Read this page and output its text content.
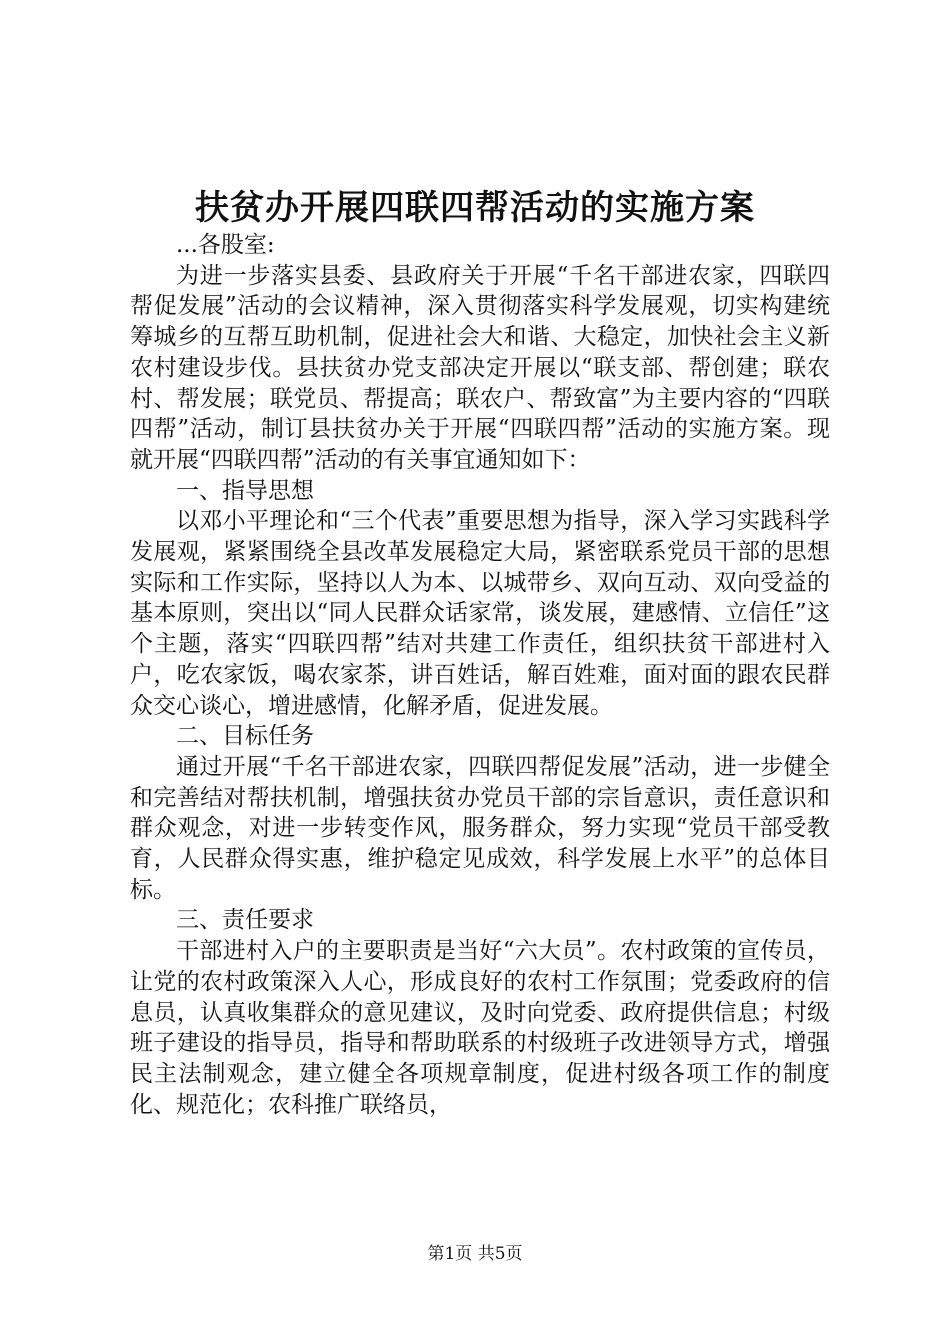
扶贫办开展四联四帮活动的实施方案

...各股室:

为进一步落实县委、县政府关于开展“千名干部进农家，四联四帮促发展”活动的会议精神，深入贯彻落实科学发展观，切实构建统筹城乡的互帮互助机制，促进社会大和谐、大稳定，加快社会主义新农村建设步伐。县扶贫办党支部决定开展以“联支部、帮创建；联农村、帮发展；联党员、帮提高；联农户、帮致富”为主要内容的“四联四帮”活动，制订县扶贫办关于开展“四联四帮”活动的实施方案。现就开展“四联四帮”活动的有关事宜通知如下：

一、指导思想

以邓小平理论和“三个代表”重要思想为指导，深入学习实践科学发展观，紧紧围绕全县改革发展稳定大局，紧密联系党员干部的思想实际和工作实际，坚持以人为本、以城带乡、双向互动、双向受益的基本原则，突出以“同人民群众话家常，谈发展，建感情、立信任”这个主题，落实“四联四帮”结对共建工作责任，组织扶贫干部进村入户，吃农家饭，喝农家茶，讲百姓话，解百姓难，面对面的跟农民群众交心谈心，增进感情，化解矛盾，促进发展。

二、目标任务

通过开展“千名干部进农家，四联四帮促发展”活动，进一步健全和完善结对帮扶机制，增强扶贫办党员干部的宗旨意识，责任意识和群众观念，对进一步转变作风，服务群众，努力实现“党员干部受教育，人民群众得实惠，维护稳定见成效，科学发展上水平”的总体目标。

三、责任要求

干部进村入户的主要职责是当好“六大员”。农村政策的宣传员，让党的农村政策深入人心，形成良好的农村工作氛围；党委政府的信息员，认真收集群众的意见建议，及时向党委、政府提供信息；村级班子建设的指导员，指导和帮助联系的村级班子改进领导方式，增强民主法制观念，建立健全各项规章制度，促进村级各项工作的制度化、规范化；农科推广联络员，

第1页 共5页
